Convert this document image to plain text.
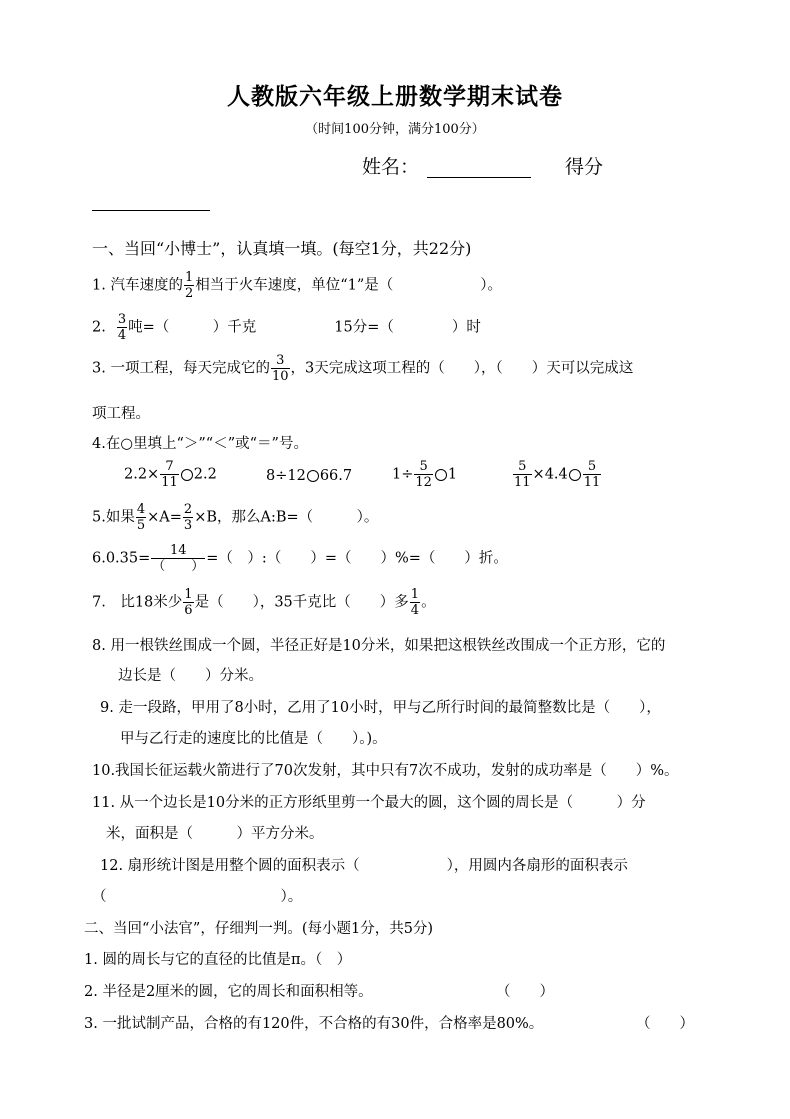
人教版六年级上册数学期末试卷
（时间100分钟，满分100分）
姓名：	得分
一、当回“小博士”，认真填一填。(每空1分，共22分)
1. 汽车速度的 $\frac{1}{2}$ 相当于火车速度，单位“1”是（　　　　　　）。
2. $\frac{3}{4}$ 吨=（　　　）千克	15分=（　　　　）时
3. 一项工程，每天完成它的 $\frac{3}{10}$ ，3天完成这项工程的（　　），（　　）天可以完成这
项工程。
4.在○里填上“＞”“＜”或“＝”号。
$2.2\times \frac{7}{11} 2.2$	8÷12 66.7	$1\div \frac{5}{12} 1$	$\frac{5}{11} \times 4.4 \frac{5}{11}$
5.如果 $\frac{4}{5} \times A= \frac{2}{3} \times B$，那么A:B=（　　　）。
$6.0.35= \frac{14}{( )}$ =（　）:（　　）=（　　）%=（　　）折。
7.　比18米少 $\frac{1}{6}$ 是（　　），35千克比（　　）多 $\frac{1}{4}$ 。
8. 用一根铁丝围成一个圆，半径正好是10分米，如果把这根铁丝改围成一个正方形，它的
边长是（　　）分米。
9. 走一段路，甲用了8小时，乙用了10小时，甲与乙所行时间的最简整数比是（　　），
甲与乙行走的速度比的比值是（　　）。)。
10.我国长征运载火箭进行了70次发射，其中只有7次不成功，发射的成功率是（　　）%。
11. 从一个边长是10分米的正方形纸里剪一个最大的圆，这个圆的周长是（　　　）分
米，面积是（　　　）平方分米。
12. 扇形统计图是用整个圆的面积表示（　　　　　　），用圆内各扇形的面积表示
（　　　　　　　　　　　　）。
二、当回“小法官”，仔细判一判。(每小题1分，共5分)
1. 圆的周长与它的直径的比值是π。（　）
2. 半径是2厘米的圆，它的周长和面积相等。	（　　）
3. 一批试制产品，合格的有120件，不合格的有30件，合格率是80%。	（　　）
